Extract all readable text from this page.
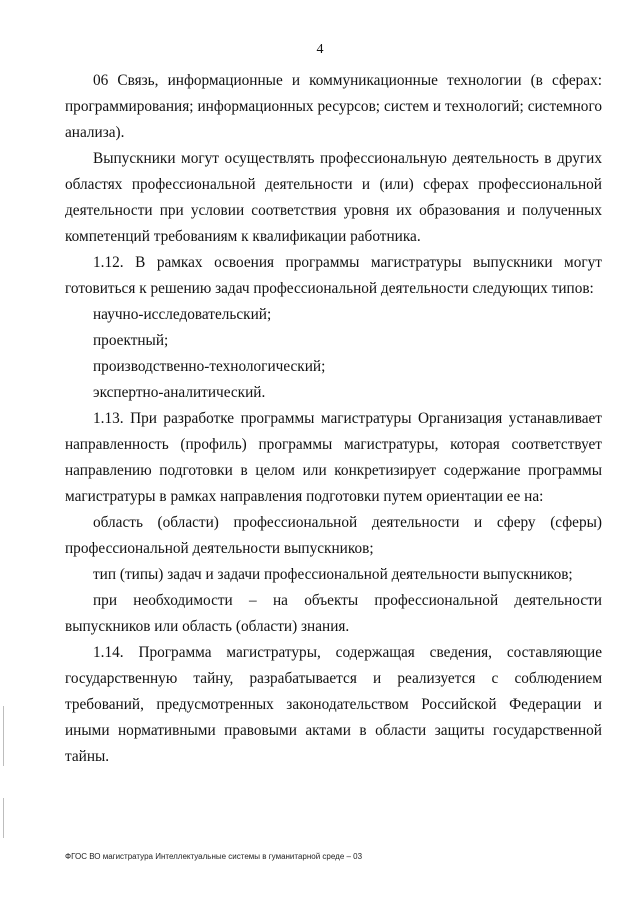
4

06 Связь, информационные и коммуникационные технологии (в сферах: программирования; информационных ресурсов; систем и технологий; системного анализа).

Выпускники могут осуществлять профессиональную деятельность в других областях профессиональной деятельности и (или) сферах профессиональной деятельности при условии соответствия уровня их образования и полученных компетенций требованиям к квалификации работника.

1.12. В рамках освоения программы магистратуры выпускники могут готовиться к решению задач профессиональной деятельности следующих типов:

научно-исследовательский;

проектный;

производственно-технологический;

экспертно-аналитический.

1.13. При разработке программы магистратуры Организация устанавливает направленность (профиль) программы магистратуры, которая соответствует направлению подготовки в целом или конкретизирует содержание программы магистратуры в рамках направления подготовки путем ориентации ее на:

область (области) профессиональной деятельности и сферу (сферы) профессиональной деятельности выпускников;

тип (типы) задач и задачи профессиональной деятельности выпускников;

при необходимости – на объекты профессиональной деятельности выпускников или область (области) знания.

1.14. Программа магистратуры, содержащая сведения, составляющие государственную тайну, разрабатывается и реализуется с соблюдением требований, предусмотренных законодательством Российской Федерации и иными нормативными правовыми актами в области защиты государственной тайны.

ФГОС ВО магистратура Интеллектуальные системы в гуманитарной среде – 03
